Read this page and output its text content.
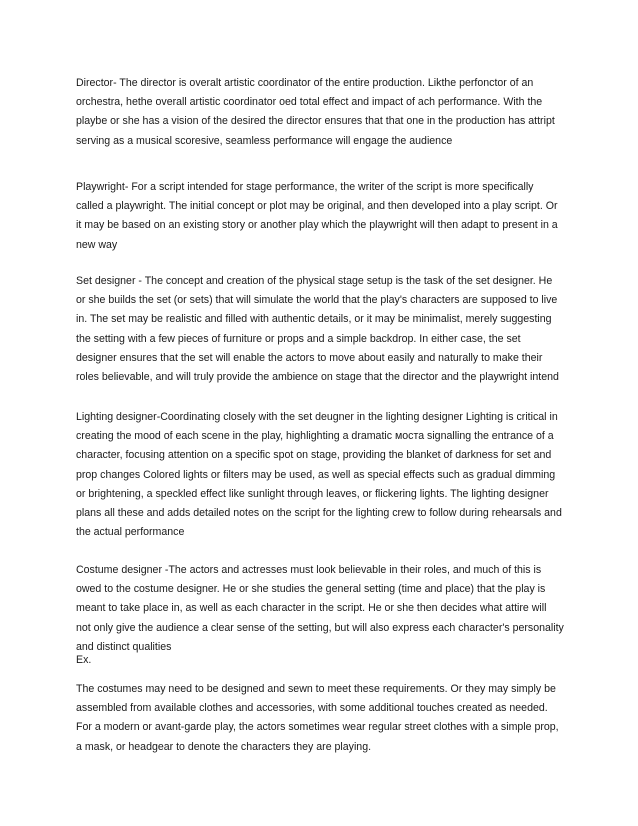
Director- The director is overalt artistic coordinator of the entire production. Likthe perfonctor of an orchestra, hethe overall artistic coordinator oed total effect and impact of ach performance. With the playbe or she has a vision of the desired the director ensures that that one in the production has attript serving as a musical scoresive, seamless performance will engage the audience

Playwright- For a script intended for stage performance, the writer of the script is more specifically called a playwright. The initial concept or plot may be original, and then developed into a play script. Or it may be based on an existing story or another play which the playwright will then adapt to present in a new way

Set designer - The concept and creation of the physical stage setup is the task of the set designer. He or she builds the set (or sets) that will simulate the world that the play's characters are supposed to live in. The set may be realistic and filled with authentic details, or it may be minimalist, merely suggesting the setting with a few pieces of furniture or props and a simple backdrop. In either case, the set designer ensures that the set will enable the actors to move about easily and naturally to make their roles believable, and will truly provide the ambience on stage that the director and the playwright intend

Lighting designer-Coordinating closely with the set deugner in the lighting designer Lighting is critical in creating the mood of each scene in the play, highlighting a dramatic моста signalling the entrance of a character, focusing attention on a specific spot on stage, providing the blanket of darkness for set and prop changes Colored lights or filters may be used, as well as special effects such as gradual dimming or brightening, a speckled effect like sunlight through leaves, or flickering lights. The lighting designer plans all these and adds detailed notes on the script for the lighting crew to follow during rehearsals and the actual performance

Costume designer -The actors and actresses must look believable in their roles, and much of this is owed to the costume designer. He or she studies the general setting (time and place) that the play is meant to take place in, as well as each character in the script. He or she then decides what attire will not only give the audience a clear sense of the setting, but will also express each character's personality and distinct qualities

Ex.

The costumes may need to be designed and sewn to meet these requirements. Or they may simply be assembled from available clothes and accessories, with some additional touches created as needed. For a modern or avant-garde play, the actors sometimes wear regular street clothes with a simple prop, a mask, or headgear to denote the characters they are playing.
